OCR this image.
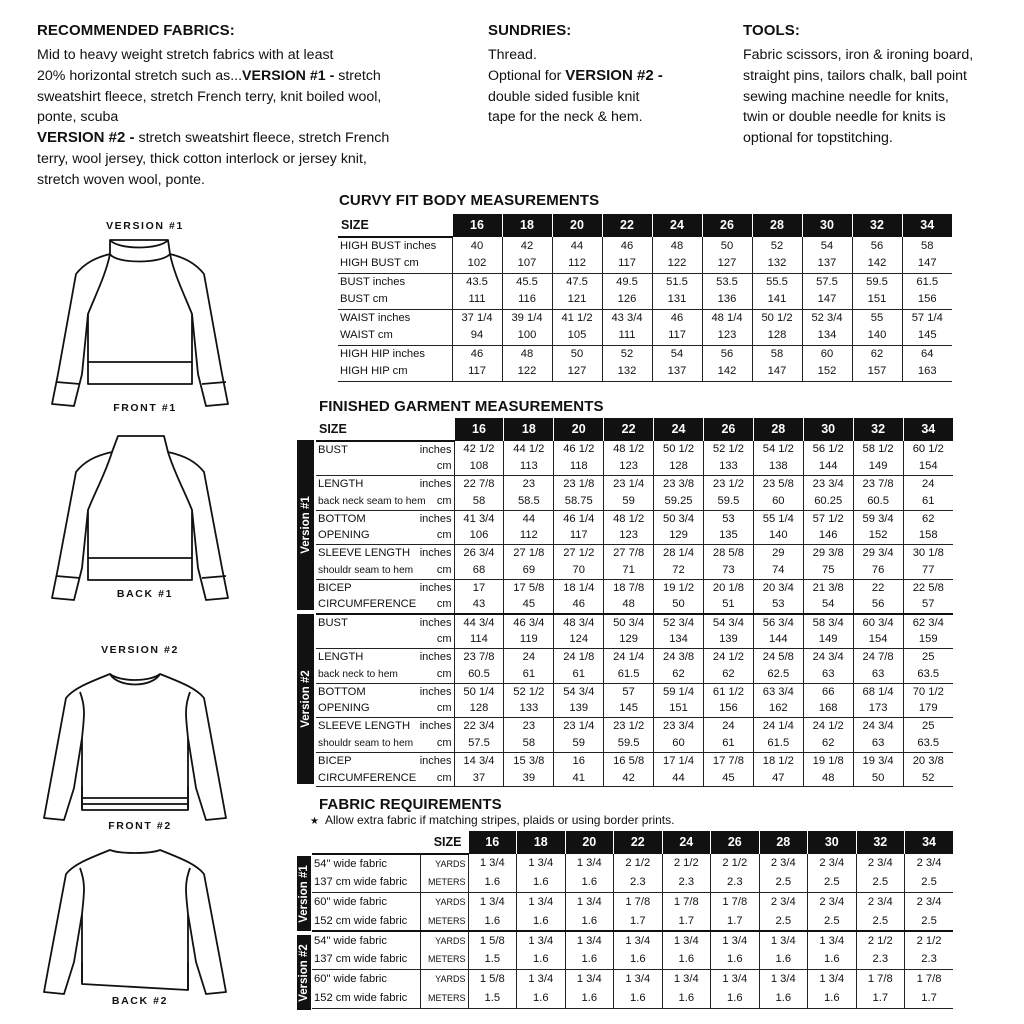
RECOMMENDED FABRICS:
Mid to heavy weight stretch fabrics with at least
20% horizontal stretch such as...VERSION #1 - stretch
sweatshirt fleece, stretch French terry, knit boiled wool,
ponte, scuba
VERSION #2 - stretch sweatshirt fleece, stretch French
terry, wool jersey, thick cotton interlock or jersey knit,
stretch woven wool, ponte.
SUNDRIES:
Thread.
Optional for VERSION #2 -
double sided fusible knit
tape for the neck & hem.
TOOLS:
Fabric scissors, iron & ironing board,
straight pins, tailors chalk, ball point
sewing machine needle for knits,
twin or double needle for knits is
optional for topstitching.
VERSION #1
FRONT #1
BACK #1
VERSION #2
FRONT #2
BACK #2
CURVY FIT BODY MEASUREMENTS
SIZE	16	18	20	22	24	26	28	30	32	34
HIGH BUST inches	40	42	44	46	48	50	52	54	56	58
HIGH BUST cm	102	107	112	117	122	127	132	137	142	147
BUST inches	43.5	45.5	47.5	49.5	51.5	53.5	55.5	57.5	59.5	61.5
BUST cm	111	116	121	126	131	136	141	147	151	156
WAIST inches	37 1/4	39 1/4	41 1/2	43 3/4	46	48 1/4	50 1/2	52 3/4	55	57 1/4
WAIST cm	94	100	105	111	117	123	128	134	140	145
HIGH HIP inches	46	48	50	52	54	56	58	60	62	64
HIGH HIP cm	117	122	127	132	137	142	147	152	157	163
FINISHED GARMENT MEASUREMENTS
Version #1
Version #2
SIZE		16	18	20	22	24	26	28	30	32	34
BUST	inches	42 1/2	44 1/2	46 1/2	48 1/2	50 1/2	52 1/2	54 1/2	56 1/2	58 1/2	60 1/2
	cm	108	113	118	123	128	133	138	144	149	154
LENGTH	inches	22 7/8	23	23 1/8	23 1/4	23 3/8	23 1/2	23 5/8	23 3/4	23 7/8	24
back neck seam to hem	cm	58	58.5	58.75	59	59.25	59.5	60	60.25	60.5	61
BOTTOM	inches	41 3/4	44	46 1/4	48 1/2	50 3/4	53	55 1/4	57 1/2	59 3/4	62
OPENING	cm	106	112	117	123	129	135	140	146	152	158
SLEEVE LENGTH	inches	26 3/4	27 1/8	27 1/2	27 7/8	28 1/4	28 5/8	29	29 3/8	29 3/4	30 1/8
shouldr seam to hem	cm	68	69	70	71	72	73	74	75	76	77
BICEP	inches	17	17 5/8	18 1/4	18 7/8	19 1/2	20 1/8	20 3/4	21 3/8	22	22 5/8
CIRCUMFERENCE	cm	43	45	46	48	50	51	53	54	56	57
BUST	inches	44 3/4	46 3/4	48 3/4	50 3/4	52 3/4	54 3/4	56 3/4	58 3/4	60 3/4	62 3/4
	cm	114	119	124	129	134	139	144	149	154	159
LENGTH	inches	23 7/8	24	24 1/8	24 1/4	24 3/8	24 1/2	24 5/8	24 3/4	24 7/8	25
back neck to hem	cm	60.5	61	61	61.5	62	62	62.5	63	63	63.5
BOTTOM	inches	50 1/4	52 1/2	54 3/4	57	59 1/4	61 1/2	63 3/4	66	68 1/4	70 1/2
OPENING	cm	128	133	139	145	151	156	162	168	173	179
SLEEVE LENGTH	inches	22 3/4	23	23 1/4	23 1/2	23 3/4	24	24 1/4	24 1/2	24 3/4	25
shouldr seam to hem	cm	57.5	58	59	59.5	60	61	61.5	62	63	63.5
BICEP	inches	14 3/4	15 3/8	16	16 5/8	17 1/4	17 7/8	18 1/2	19 1/8	19 3/4	20 3/8
CIRCUMFERENCE	cm	37	39	41	42	44	45	47	48	50	52
FABRIC REQUIREMENTS
★ Allow extra fabric if matching stripes, plaids or using border prints.
Version #1
Version #2
SIZE		16	18	20	22	24	26	28	30	32	34
54" wide fabric	YARDS	1 3/4	1 3/4	1 3/4	2 1/2	2 1/2	2 1/2	2 3/4	2 3/4	2 3/4	2 3/4
137 cm wide fabric	METERS	1.6	1.6	1.6	2.3	2.3	2.3	2.5	2.5	2.5	2.5
60" wide fabric	YARDS	1 3/4	1 3/4	1 3/4	1 7/8	1 7/8	1 7/8	2 3/4	2 3/4	2 3/4	2 3/4
152 cm wide fabric	METERS	1.6	1.6	1.6	1.7	1.7	1.7	2.5	2.5	2.5	2.5
54" wide fabric	YARDS	1 5/8	1 3/4	1 3/4	1 3/4	1 3/4	1 3/4	1 3/4	1 3/4	2 1/2	2 1/2
137 cm wide fabric	METERS	1.5	1.6	1.6	1.6	1.6	1.6	1.6	1.6	2.3	2.3
60" wide fabric	YARDS	1 5/8	1 3/4	1 3/4	1 3/4	1 3/4	1 3/4	1 3/4	1 3/4	1 7/8	1 7/8
152 cm wide fabric	METERS	1.5	1.6	1.6	1.6	1.6	1.6	1.6	1.6	1.7	1.7
